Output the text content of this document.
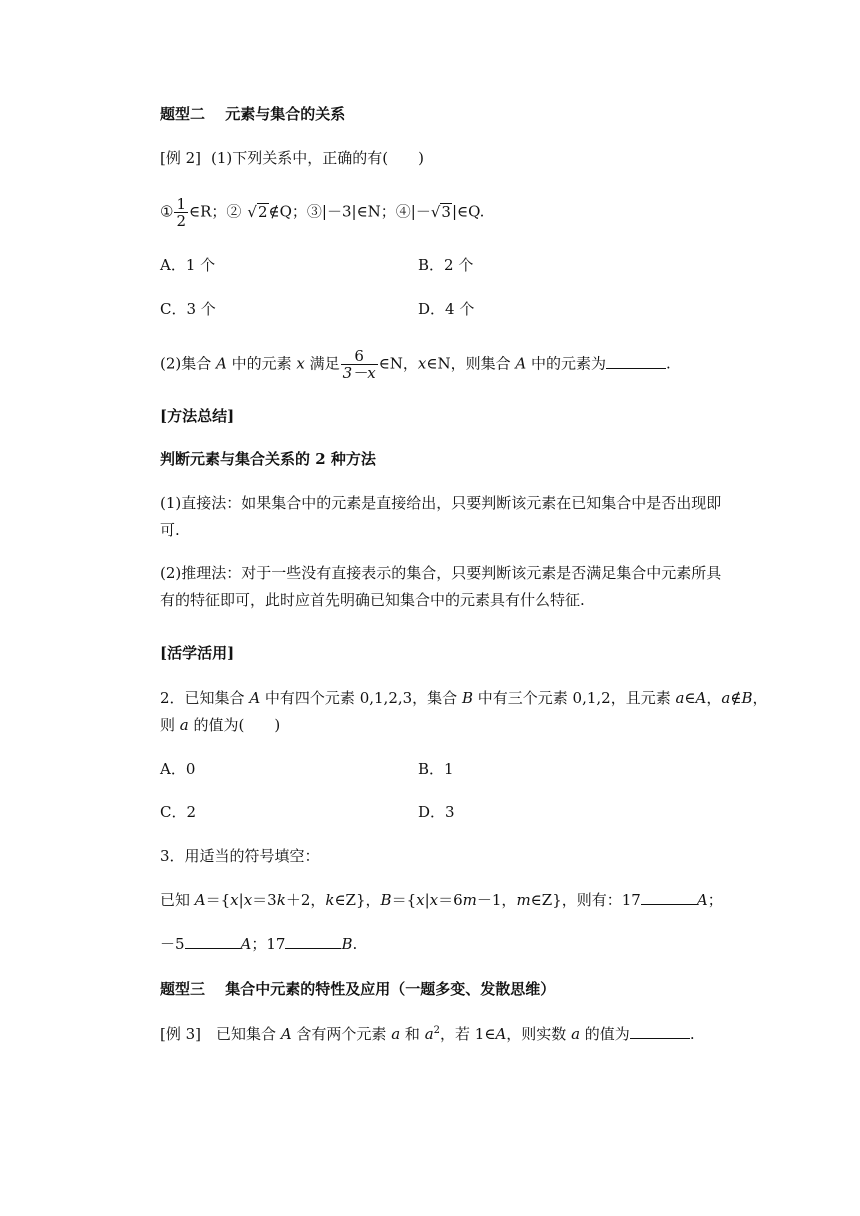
题型二　 元素与集合的关系
[例 2] (1)下列关系中，正确的有(　　)
① $\frac{1}{2}$ ∈R；② √2∉Q；③|－3|∈N；④|－√3|∈Q.
A．1 个	B．2 个
C．3 个	D．4 个
(2)集合 A 中的元素 x 满足 $\frac{6}{3-x}$ ∈N，x∈N，则集合 A 中的元素为	.
[方法总结]
判断元素与集合关系的 2 种方法
(1)直接法：如果集合中的元素是直接给出，只要判断该元素在已知集合中是否出现即
可.
(2)推理法：对于一些没有直接表示的集合，只要判断该元素是否满足集合中元素所具
有的特征即可，此时应首先明确已知集合中的元素具有什么特征.
[活学活用]
2．已知集合 A 中有四个元素 0,1,2,3，集合 B 中有三个元素 0,1,2，且元素 a∈A，a∉B，
则 a 的值为(　　)
A．0	B．1
C．2	D．3
3．用适当的符号填空：
已知 A＝{x|x＝3k＋2，k∈Z}，B＝{x|x＝6m－1，m∈Z}，则有：17	A；
－5	A；17	B.
题型三　 集合中元素的特性及应用（一题多变、发散思维）
[例 3]　已知集合 A 含有两个元素 a 和 $a^2$，若 1∈A，则实数 a 的值为	.
